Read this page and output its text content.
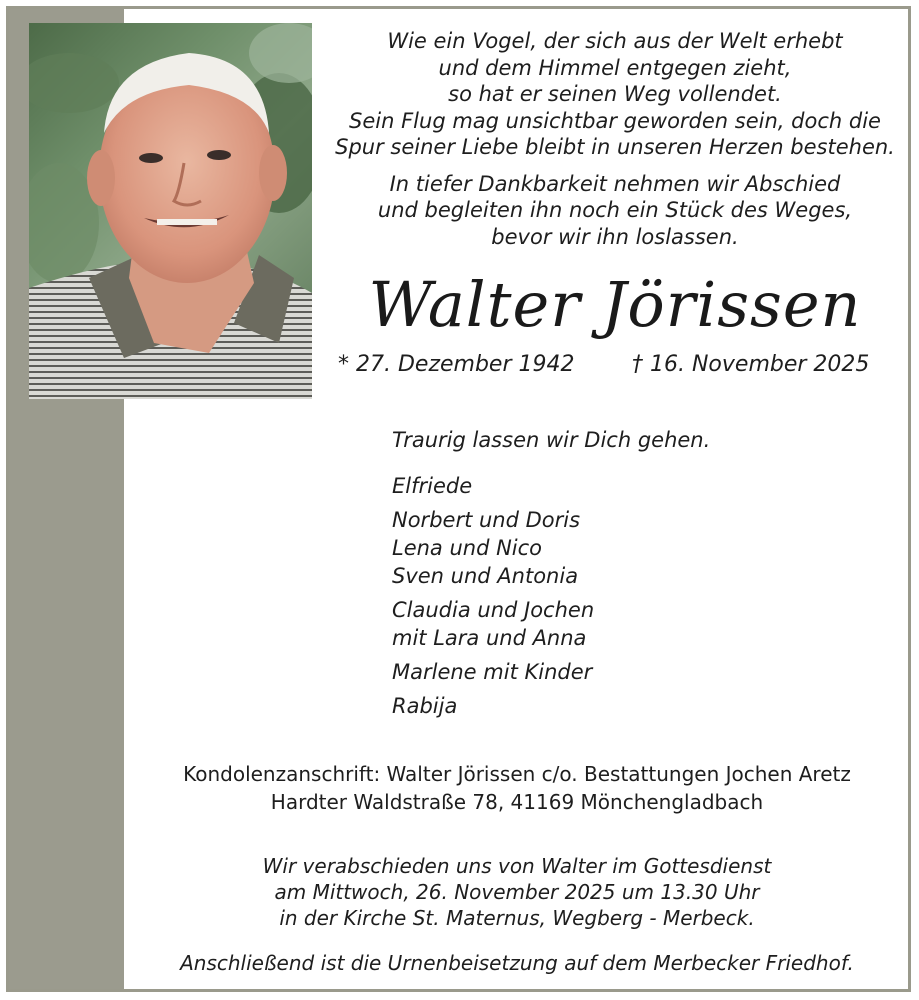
Wie ein Vogel, der sich aus der Welt erhebt
und dem Himmel entgegen zieht,
so hat er seinen Weg vollendet.
Sein Flug mag unsichtbar geworden sein, doch die
Spur seiner Liebe bleibt in unseren Herzen bestehen.

In tiefer Dankbarkeit nehmen wir Abschied
und begleiten ihn noch ein Stück des Weges,
bevor wir ihn loslassen.

Walter Jörissen
* 27. Dezember 1942	† 16. November 2025
Traurig lassen wir Dich gehen.
Elfriede
Norbert und Doris
Lena und Nico
Sven und Antonia
Claudia und Jochen
mit Lara und Anna
Marlene mit Kinder
Rabija
Kondolenzanschrift: Walter Jörissen c/o. Bestattungen Jochen Aretz
Hardter Waldstraße 78, 41169 Mönchengladbach
Wir verabschieden uns von Walter im Gottesdienst
am Mittwoch, 26. November 2025 um 13.30 Uhr
in der Kirche St. Maternus, Wegberg - Merbeck.
Anschließend ist die Urnenbeisetzung auf dem Merbecker Friedhof.
